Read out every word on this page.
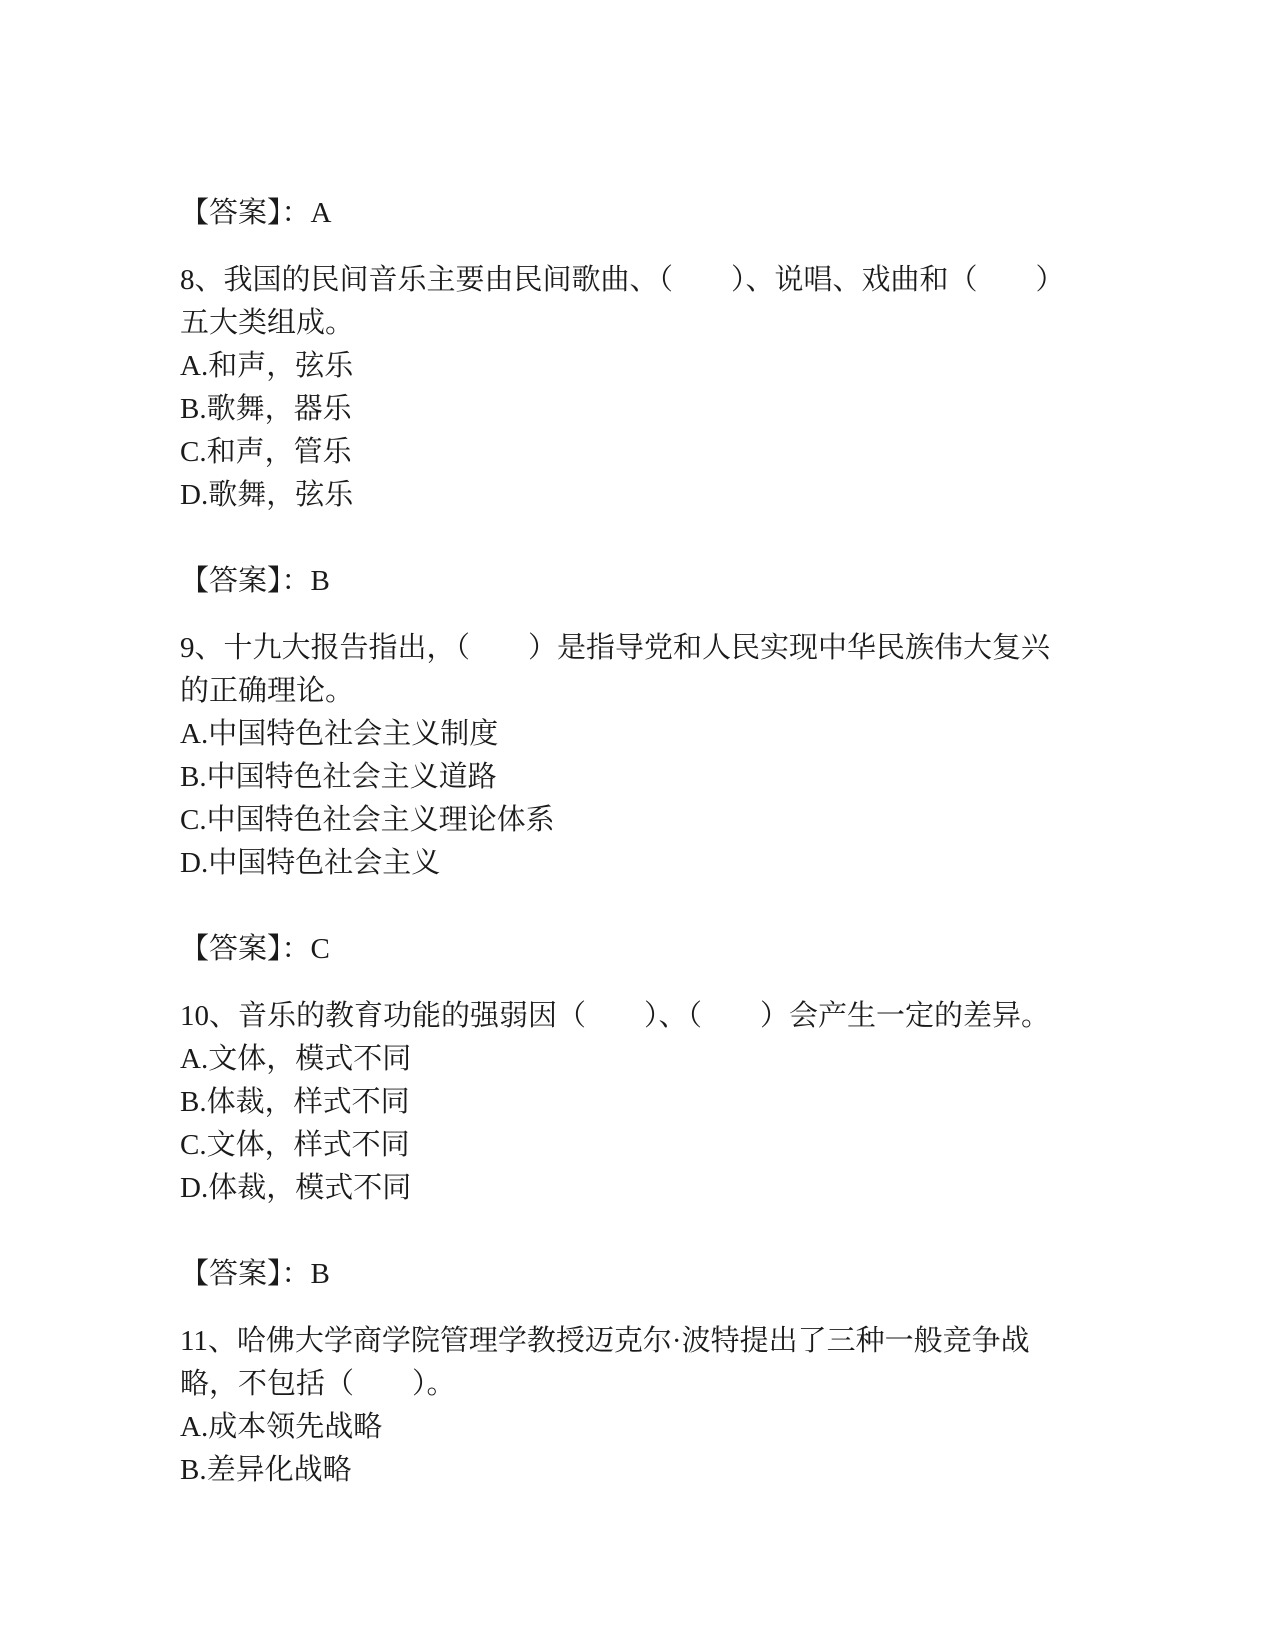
【答案】：A
8、我国的民间音乐主要由民间歌曲、（　　）、说唱、戏曲和（　　）
五大类组成。
A.和声，弦乐
B.歌舞，器乐
C.和声，管乐
D.歌舞，弦乐
【答案】：B
9、十九大报告指出，（　　）是指导党和人民实现中华民族伟大复兴
的正确理论。
A.中国特色社会主义制度
B.中国特色社会主义道路
C.中国特色社会主义理论体系
D.中国特色社会主义
【答案】：C
10、音乐的教育功能的强弱因（　　）、（　　）会产生一定的差异。
A.文体，模式不同
B.体裁，样式不同
C.文体，样式不同
D.体裁，模式不同
【答案】：B
11、哈佛大学商学院管理学教授迈克尔·波特提出了三种一般竞争战
略，不包括（　　）。
A.成本领先战略
B.差异化战略
